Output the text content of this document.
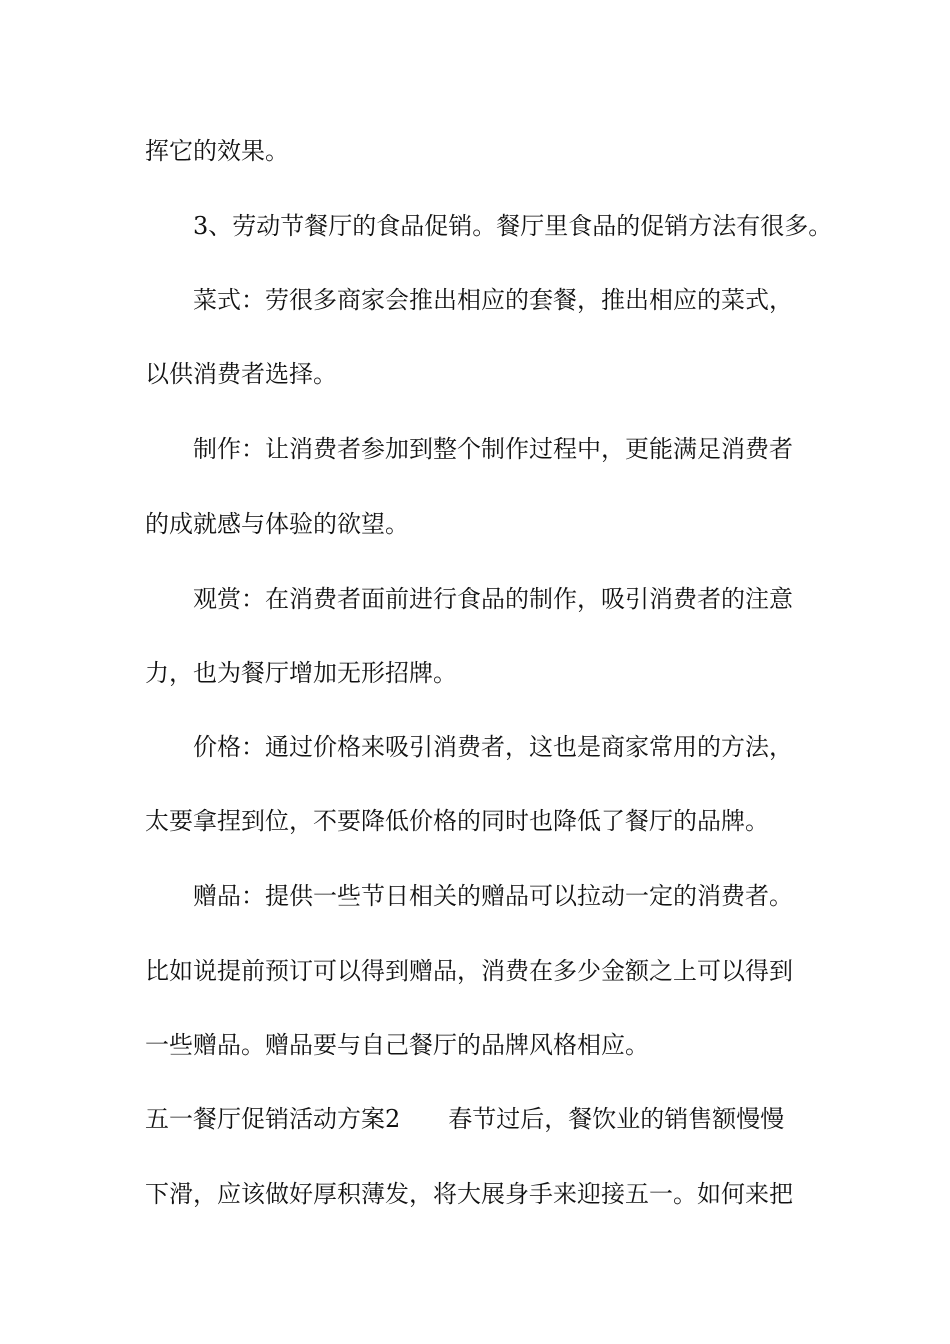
挥它的效果。
3、劳动节餐厅的食品促销。餐厅里食品的促销方法有很多。
菜式：劳很多商家会推出相应的套餐，推出相应的菜式，
以供消费者选择。
制作：让消费者参加到整个制作过程中，更能满足消费者
的成就感与体验的欲望。
观赏：在消费者面前进行食品的制作，吸引消费者的注意
力，也为餐厅增加无形招牌。
价格：通过价格来吸引消费者，这也是商家常用的方法，
太要拿捏到位，不要降低价格的同时也降低了餐厅的品牌。
赠品：提供一些节日相关的赠品可以拉动一定的消费者。
比如说提前预订可以得到赠品，消费在多少金额之上可以得到
一些赠品。赠品要与自己餐厅的品牌风格相应。
五一餐厅促销活动方案2　　春节过后，餐饮业的销售额慢慢
下滑，应该做好厚积薄发，将大展身手来迎接五一。如何来把
